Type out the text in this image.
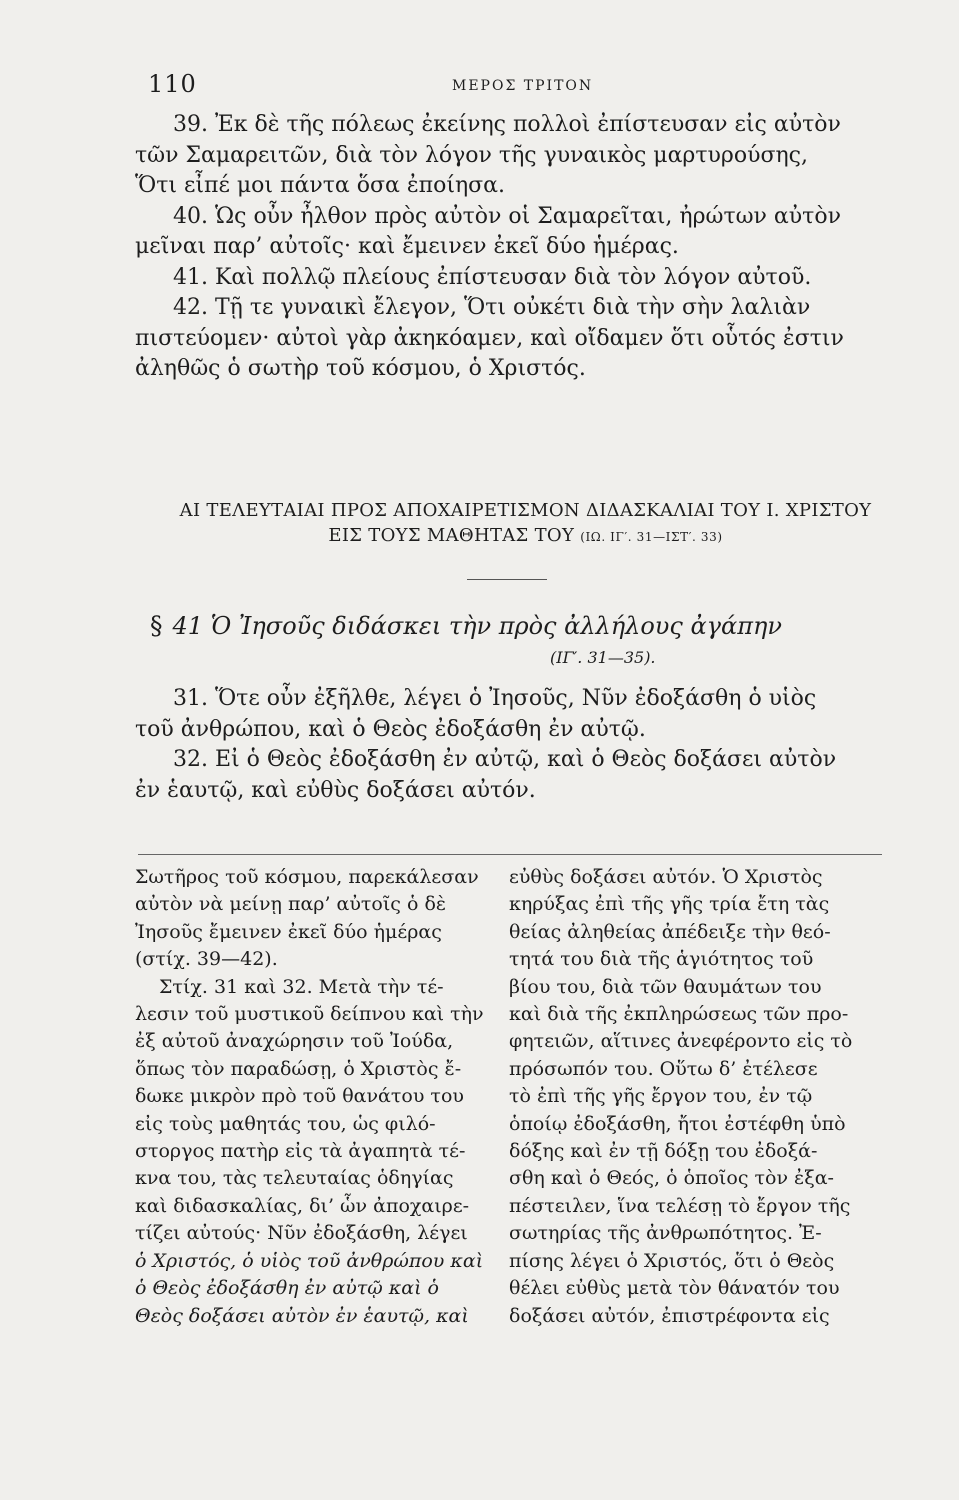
110	ΜΕΡΟΣ ΤΡΙΤΟΝ
39. Ἐκ δὲ τῆς πόλεως ἐκείνης πολλοὶ ἐπίστευσαν εἰς αὐτὸν
τῶν Σαμαρειτῶν, διὰ τὸν λόγον τῆς γυναικὸς μαρτυρούσης,
Ὅτι εἶπέ μοι πάντα ὅσα ἐποίησα.
40. Ὡς οὖν ἦλθον πρὸς αὐτὸν οἱ Σαμαρεῖται, ἠρώτων αὐτὸν
μεῖναι παρ’ αὐτοῖς· καὶ ἔμεινεν ἐκεῖ δύο ἡμέρας.
41. Καὶ πολλῷ πλείους ἐπίστευσαν διὰ τὸν λόγον αὐτοῦ.
42. Τῇ τε γυναικὶ ἔλεγον, Ὅτι οὐκέτι διὰ τὴν σὴν λαλιὰν
πιστεύομεν· αὐτοὶ γὰρ ἀκηκόαμεν, καὶ οἴδαμεν ὅτι οὗτός ἐστιν
ἀληθῶς ὁ σωτὴρ τοῦ κόσμου, ὁ Χριστός.
ΑΙ ΤΕΛΕΥΤΑΙΑΙ ΠΡΟΣ ΑΠΟΧΑΙΡΕΤΙΣΜΟΝ ΔΙΔΑΣΚΑΛΙΑΙ ΤΟΥ Ι. ΧΡΙΣΤΟΥ
ΕΙΣ ΤΟΥΣ ΜΑΘΗΤΑΣ ΤΟΥ (ΙΩ. ΙΓ′. 31—ΙΣΤ′. 33)
§ 41 Ὁ Ἰησοῦς διδάσκει τὴν πρὸς ἀλλήλους ἀγάπην
(ΙΓ′. 31—35).
31. Ὅτε οὖν ἐξῆλθε, λέγει ὁ Ἰησοῦς, Νῦν ἐδοξάσθη ὁ υἱὸς
τοῦ ἀνθρώπου, καὶ ὁ Θεὸς ἐδοξάσθη ἐν αὐτῷ.
32. Εἰ ὁ Θεὸς ἐδοξάσθη ἐν αὐτῷ, καὶ ὁ Θεὸς δοξάσει αὐτὸν
ἐν ἑαυτῷ, καὶ εὐθὺς δοξάσει αὐτόν.
Σωτῆρος τοῦ κόσμου, παρεκάλεσαν
αὐτὸν νὰ μείνῃ παρ’ αὐτοῖς ὁ δὲ
Ἰησοῦς ἔμεινεν ἐκεῖ δύο ἡμέρας
(στίχ. 39—42).
Στίχ. 31 καὶ 32. Μετὰ τὴν τέ-
λεσιν τοῦ μυστικοῦ δείπνου καὶ τὴν
ἐξ αὐτοῦ ἀναχώρησιν τοῦ Ἰούδα,
ὅπως τὸν παραδώσῃ, ὁ Χριστὸς ἔ-
δωκε μικρὸν πρὸ τοῦ θανάτου του
εἰς τοὺς μαθητάς του, ὡς φιλό-
στοργος πατὴρ εἰς τὰ ἀγαπητὰ τέ-
κνα του, τὰς τελευταίας ὁδηγίας
καὶ διδασκαλίας, δι’ ὧν ἀποχαιρε-
τίζει αὐτούς· Νῦν ἐδοξάσθη, λέγει
ὁ Χριστός, ὁ υἱὸς τοῦ ἀνθρώπου καὶ
ὁ Θεὸς ἐδοξάσθη ἐν αὐτῷ καὶ ὁ
Θεὸς δοξάσει αὐτὸν ἐν ἑαυτῷ, καὶ
εὐθὺς δοξάσει αὐτόν. Ὁ Χριστὸς
κηρύξας ἐπὶ τῆς γῆς τρία ἔτη τὰς
θείας ἀληθείας ἀπέδειξε τὴν θεό-
τητά του διὰ τῆς ἁγιότητος τοῦ
βίου του, διὰ τῶν θαυμάτων του
καὶ διὰ τῆς ἐκπληρώσεως τῶν προ-
φητειῶν, αἵτινες ἀνεφέροντο εἰς τὸ
πρόσωπόν του. Οὕτω δ’ ἐτέλεσε
τὸ ἐπὶ τῆς γῆς ἔργον του, ἐν τῷ
ὁποίῳ ἐδοξάσθη, ἤτοι ἐστέφθη ὑπὸ
δόξης καὶ ἐν τῇ δόξῃ του ἐδοξά-
σθη καὶ ὁ Θεός, ὁ ὁποῖος τὸν ἐξα-
πέστειλεν, ἵνα τελέσῃ τὸ ἔργον τῆς
σωτηρίας τῆς ἀνθρωπότητος. Ἐ-
πίσης λέγει ὁ Χριστός, ὅτι ὁ Θεὸς
θέλει εὐθὺς μετὰ τὸν θάνατόν του
δοξάσει αὐτόν, ἐπιστρέφοντα εἰς
